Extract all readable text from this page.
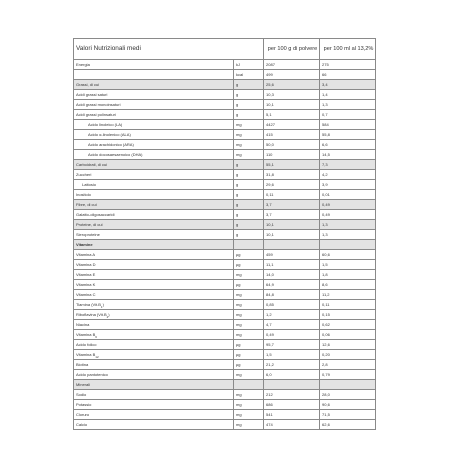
Valori Nutrizionali medi		per 100 g di polvere	per 100 ml al 13,2%
Energia	kJ	2087	275
	kcal	499	66
Grassi, di cui	g	25,6	3,4
Acidi grassi saturi	g	10,3	1,4
Acidi grassi monoinsaturi	g	10,1	1,3
Acidi grassi polinsaturi	g	5,1	0,7
Acido linoleico (LA)	mg	4427	584
Acido α-linolenico (ALA)	mg	415	55,8
Acido arachidonico (ARA)	mg	50,0	6,6
Acido docosaesaenoico (DHA)	mg	110	14,5
Carboidrati, di cui	g	55,1	7,3
Zuccheri	g	31,8	4,2
Lattosio	g	29,6	3,9
Inositolo	g	0,11	0,01
Fibre, di cui	g	3,7	0,49
Galatto-oligosaccaridi	g	3,7	0,49
Proteine, di cui	g	10,1	1,3
Sieroproteine	g	10,1	1,3
Vitamine			
Vitamina A	µg	459	60,6
Vitamina D	µg	11,1	1,5
Vitamina E	mg	14,0	1,8
Vitamina K	µg	64,9	8,6
Vitamina C	mg	84,8	11,2
Tiamina $(Vit.B_1)$	mg	0,85	0,11
Riboflavina $(Vit.B_2)$	mg	1,2	0,15
Niacina	mg	4,7	0,62
Vitamina $B_6$	mg	0,49	0,06
Acido folico	µg	95,7	12,6
Vitamina $B_{12}$	µg	1,5	0,20
Biotina	µg	21,2	2,8
Acido pantotenico	mg	6,0	0,79
Minerali			
Sodio	mg	212	28,0
Potassio	mg	686	90,6
Cloruro	mg	541	71,5
Calcio	mg	474	62,6
